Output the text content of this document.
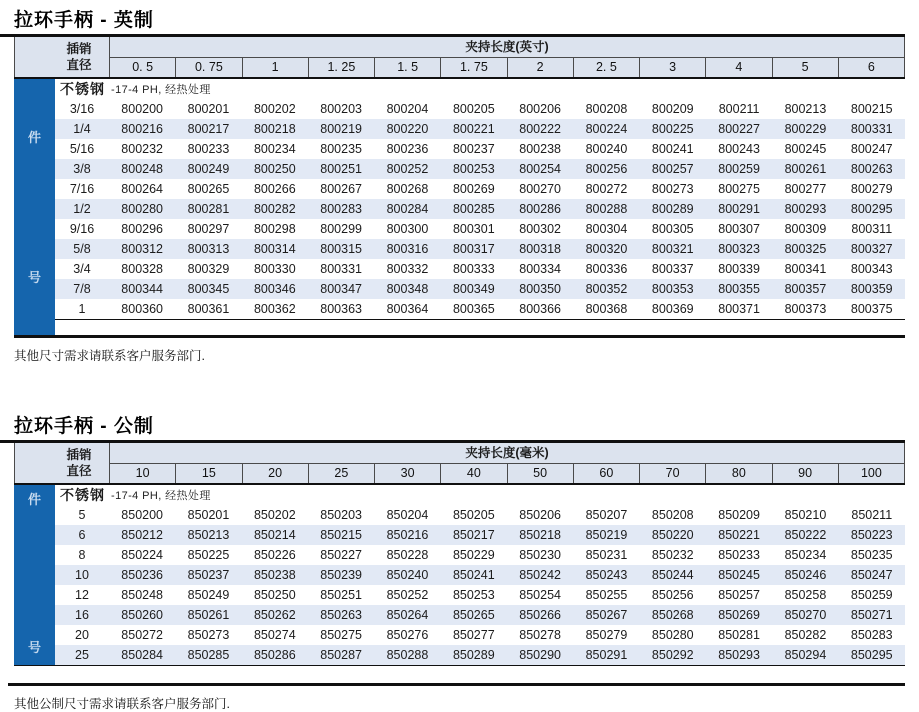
拉环手柄 - 英制
插销
直径
夹持长度(英寸)
0. 5	0. 75	1	1. 25	1. 5	1. 75	2	2. 5	3	4	5	6
件
号
不锈钢 -17-4 PH, 经热处理
3/16	800200	800201	800202	800203	800204	800205	800206	800208	800209	800211	800213	800215
1/4	800216	800217	800218	800219	800220	800221	800222	800224	800225	800227	800229	800331
5/16	800232	800233	800234	800235	800236	800237	800238	800240	800241	800243	800245	800247
3/8	800248	800249	800250	800251	800252	800253	800254	800256	800257	800259	800261	800263
7/16	800264	800265	800266	800267	800268	800269	800270	800272	800273	800275	800277	800279
1/2	800280	800281	800282	800283	800284	800285	800286	800288	800289	800291	800293	800295
9/16	800296	800297	800298	800299	800300	800301	800302	800304	800305	800307	800309	800311
5/8	800312	800313	800314	800315	800316	800317	800318	800320	800321	800323	800325	800327
3/4	800328	800329	800330	800331	800332	800333	800334	800336	800337	800339	800341	800343
7/8	800344	800345	800346	800347	800348	800349	800350	800352	800353	800355	800357	800359
1	800360	800361	800362	800363	800364	800365	800366	800368	800369	800371	800373	800375
其他尺寸需求请联系客户服务部门.
拉环手柄 - 公制
插销
直径
夹持长度(毫米)
10	15	20	25	30	40	50	60	70	80	90	100
件
号
不锈钢 -17-4 PH, 经热处理
5	850200	850201	850202	850203	850204	850205	850206	850207	850208	850209	850210	850211
6	850212	850213	850214	850215	850216	850217	850218	850219	850220	850221	850222	850223
8	850224	850225	850226	850227	850228	850229	850230	850231	850232	850233	850234	850235
10	850236	850237	850238	850239	850240	850241	850242	850243	850244	850245	850246	850247
12	850248	850249	850250	850251	850252	850253	850254	850255	850256	850257	850258	850259
16	850260	850261	850262	850263	850264	850265	850266	850267	850268	850269	850270	850271
20	850272	850273	850274	850275	850276	850277	850278	850279	850280	850281	850282	850283
25	850284	850285	850286	850287	850288	850289	850290	850291	850292	850293	850294	850295
其他公制尺寸需求请联系客户服务部门.
